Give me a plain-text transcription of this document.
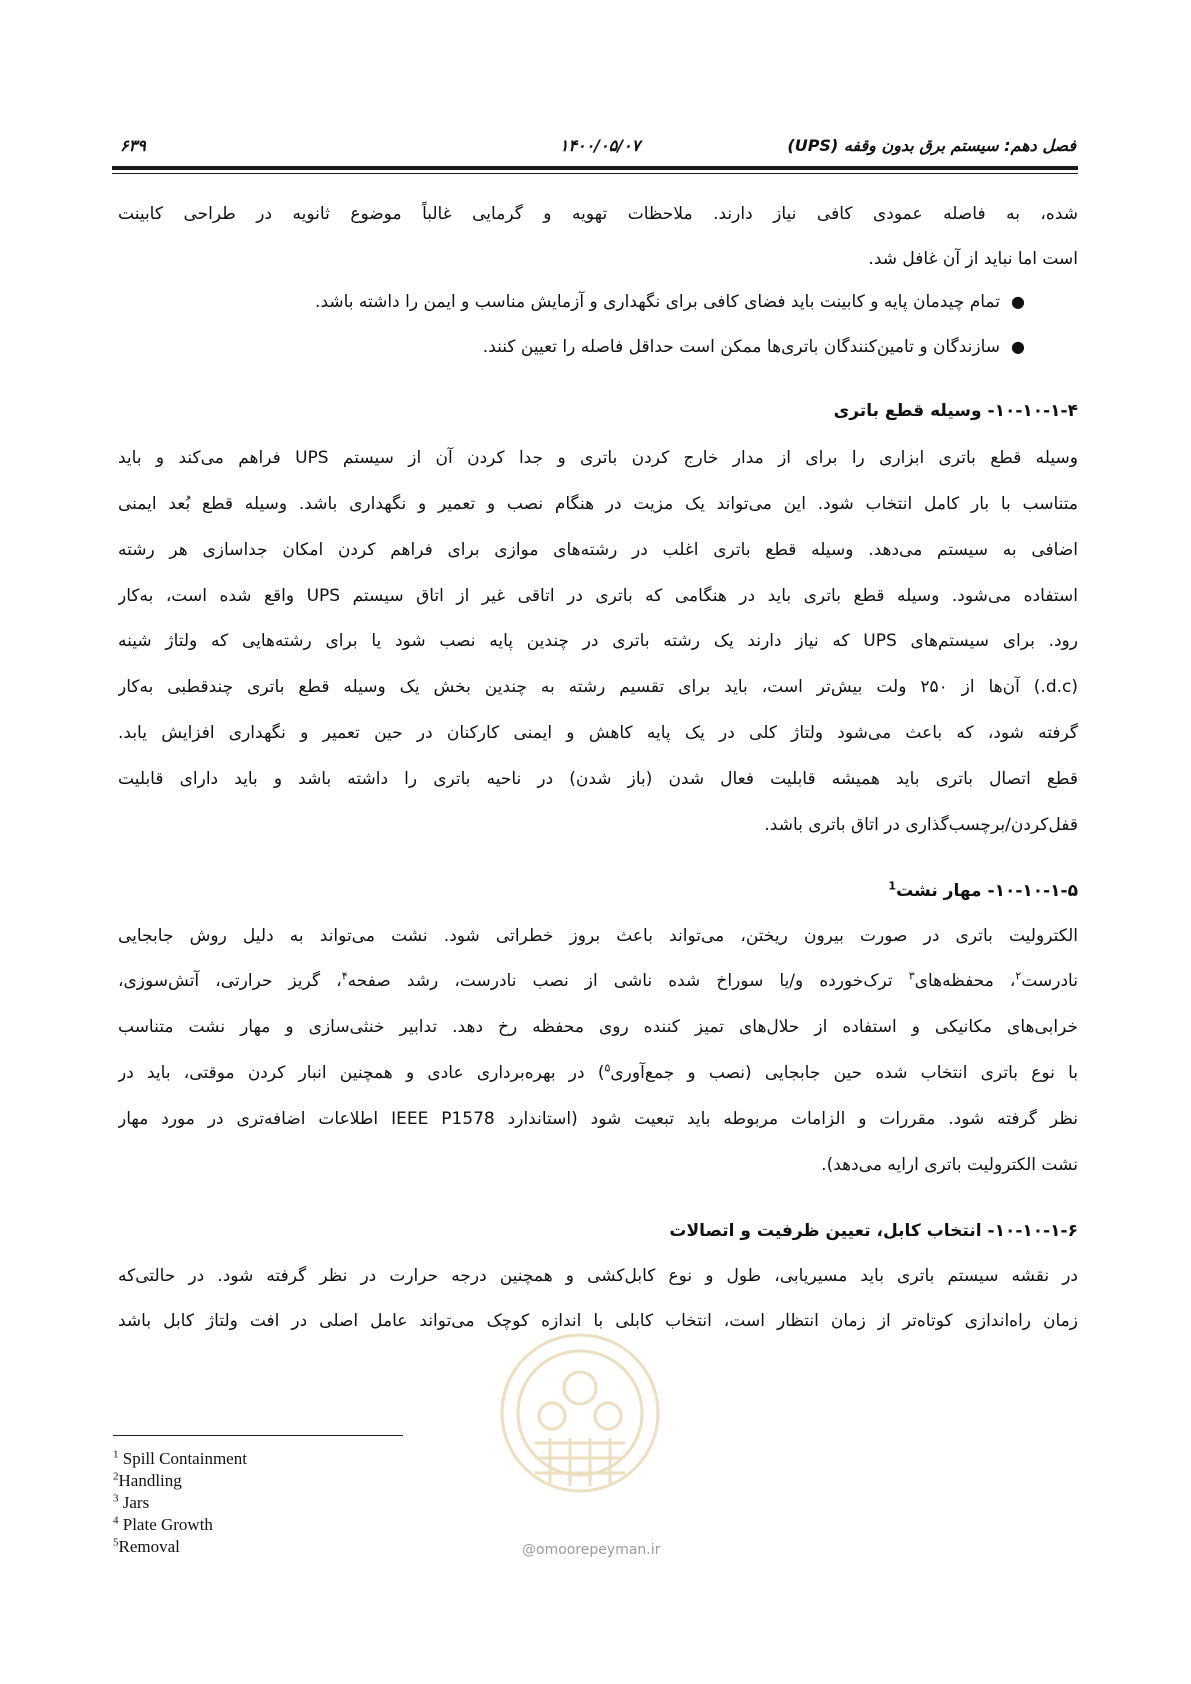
فصل دهم: سیستم برق بدون وقفه (UPS)
۱۴۰۰/۰۵/۰۷
۶۳۹
شده، به فاصله عمودی کافی نیاز دارند. ملاحظات تهویه و گرمایی غالباً موضوع ثانویه در طراحی کابینت
است اما نباید از آن غافل شد.
●
تمام چیدمان پایه و کابینت باید فضای کافی برای نگهداری و آزمایش مناسب و ایمن را داشته باشد.
●
سازندگان و تامین‌کنندگان باتری‌ها ممکن است حداقل فاصله را تعیین کنند.
۱۰-۱۰-۱-۴- وسیله قطع باتری
وسیله قطع باتری ابزاری را برای از مدار خارج کردن باتری و جدا کردن آن از سیستم UPS فراهم می‌کند و باید
متناسب با بار کامل انتخاب شود. این می‌تواند یک مزیت در هنگام نصب و تعمیر و نگهداری باشد. وسیله قطع بُعد ایمنی
اضافی به سیستم می‌دهد. وسیله قطع باتری اغلب در رشته‌های موازی برای فراهم کردن امکان جداسازی هر رشته
استفاده می‌شود. وسیله قطع باتری باید در هنگامی که باتری در اتاقی غیر از اتاق سیستم UPS واقع شده است، به‌کار
رود. برای سیستم‌های UPS که نیاز دارند یک رشته باتری در چندین پایه نصب شود یا برای رشته‌هایی که ولتاژ شینه
(d.c.) آن‌ها از ۲۵۰ ولت بیش‌تر است، باید برای تقسیم رشته به چندین بخش یک وسیله قطع باتری چندقطبی به‌کار
گرفته شود، که باعث می‌شود ولتاژ کلی در یک پایه کاهش و ایمنی کارکنان در حین تعمیر و نگهداری افزایش یابد.
قطع اتصال باتری باید همیشه قابلیت فعال شدن (باز شدن) در ناحیه باتری را داشته باشد و باید دارای قابلیت
قفل‌کردن/برچسب‌گذاری در اتاق باتری باشد.
۱۰-۱۰-۱-۵- مهار نشت$^1$
الکترولیت باتری در صورت بیرون ریختن، می‌تواند باعث بروز خطراتی شود. نشت می‌تواند به دلیل روش جابجایی
نادرست$^۲$، محفظه‌های$^۳$ ترک‌خورده و/یا سوراخ شده ناشی از نصب نادرست، رشد صفحه$^۴$، گریز حرارتی، آتش‌سوزی،
خرابی‌های مکانیکی و استفاده از حلال‌های تمیز کننده روی محفظه رخ دهد. تدابیر خنثی‌سازی و مهار نشت متناسب
با نوع باتری انتخاب شده حین جابجایی (نصب و جمع‌آوری$^۵$) در بهره‌برداری عادی و همچنین انبار کردن موقتی، باید در
نظر گرفته شود. مقررات و الزامات مربوطه باید تبعیت شود (استاندارد IEEE P1578 اطلاعات اضافه‌تری در مورد مهار
نشت الکترولیت باتری ارایه می‌دهد).
۱۰-۱۰-۱-۶- انتخاب کابل، تعیین ظرفیت و اتصالات
در نقشه سیستم باتری باید مسیریابی، طول و نوع کابل‌کشی و همچنین درجه حرارت در نظر گرفته شود. در حالتی‌که
زمان راه‌اندازی کوتاه‌تر از زمان انتظار است، انتخاب کابلی با اندازه کوچک می‌تواند عامل اصلی در افت ولتاژ کابل باشد
$^1$ Spill Containment
$^2$Handling
$^3$ Jars
$^4$ Plate Growth
$^5$Removal	@omoorepeyman.ir
